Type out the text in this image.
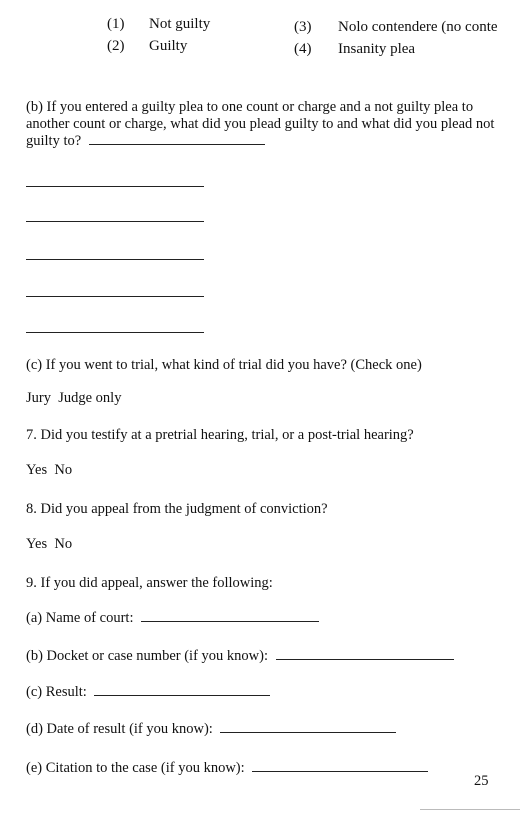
(1) Not guilty
(2) Guilty
(3) Nolo contendere (no conte
(4) Insanity plea
(b) If you entered a guilty plea to one count or charge and a not guilty plea to another count or charge, what did you plead guilty to and what did you plead not guilty to?
(c) If you went to trial, what kind of trial did you have? (Check one)
Jury  Judge only
7. Did you testify at a pretrial hearing, trial, or a post-trial hearing?
Yes  No
8. Did you appeal from the judgment of conviction?
Yes  No
9. If you did appeal, answer the following:
(a) Name of court:
(b) Docket or case number (if you know):
(c) Result:
(d) Date of result (if you know):
(e) Citation to the case (if you know):
25
